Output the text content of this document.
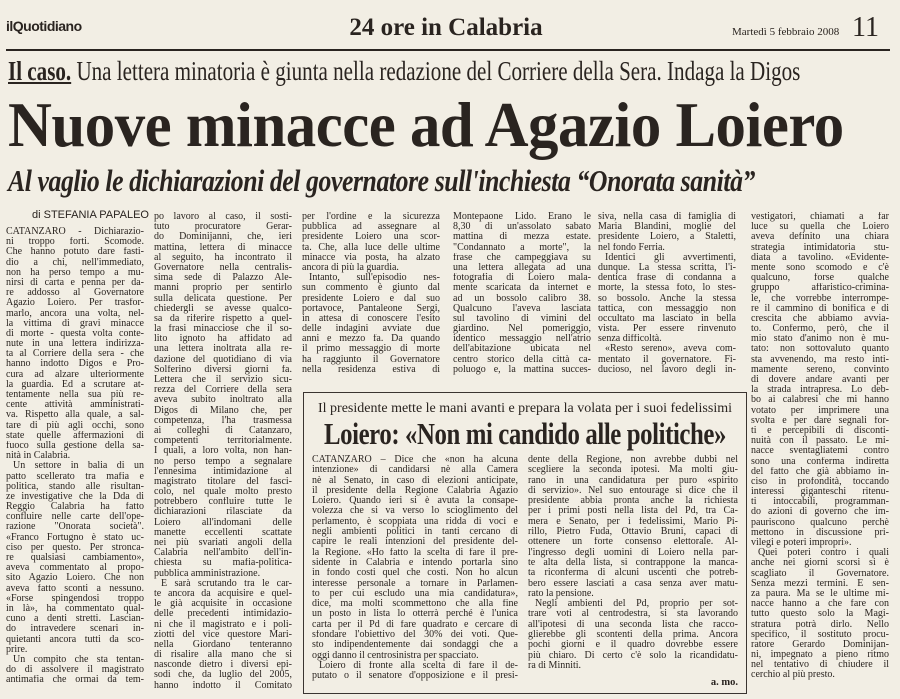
ilQuotidiano	24 ore in Calabria	Martedì 5 febbraio 2008 11
Il caso. Una lettera minatoria è giunta nella redazione del Corriere della Sera. Indaga la Digos
Nuove minacce ad Agazio Loiero
Al vaglio le dichiarazioni del governatore sull'inchiesta “Onorata sanità”
di STEFANIA PAPALEO
CATANZARO - Dichiarazio-
ni troppo forti. Scomode.
Che hanno potuto dare fasti-
dio a chi, nell'immediato,
non ha perso tempo a mu-
nirsi di carta e penna per da-
re addosso al Governatore
Agazio Loiero. Per trasfor-
marlo, ancora una volta, nel-
la vittima di gravi minacce
di morte - questa volta conte-
nute in una lettera indirizza-
ta al Corriere della sera - che
hanno indotto Digos e Pro-
cura ad alzare ulteriormente
la guardia. Ed a scrutare at-
tentamente nella sua più re-
cente attività amministrati-
va. Rispetto alla quale, a sal-
tare di più agli occhi, sono
state quelle affermazioni di
fuoco sulla gestione della sa-
nità in Calabria.
Un settore in balia di un
patto scellerato tra mafia e
politica, stando alle risultan-
ze investigative che la Dda di
Reggio Calabria ha fatto
confluire nelle carte dell'ope-
razione "Onorata società".
«Franco Fortugno è stato uc-
ciso per questo. Per stronca-
re qualsiasi cambiamento»,
aveva commentato al propo-
sito Agazio Loiero. Che non
aveva fatto sconti a nessuno.
«Forse spingendosi troppo
in là», ha commentato qual-
cuno a denti stretti. Lascian-
do intravedere scenari in-
quietanti ancora tutti da sco-
prire.
Un compito che sta tentan-
do di assolvere il magistrato
antimafia che ormai da tem-
po lavoro al caso, il sosti-
tuto procuratore Gerar-
do Dominijanni, che, ieri
mattina, lettera di minacce
al seguito, ha incontrato il
Governatore nella centralis-
sima sede di Palazzo Ale-
manni proprio per sentirlo
sulla delicata questione. Per
chiedergli se avesse qualco-
sa da riferire rispetto a quel-
la frasi minacciose che il so-
lito ignoto ha affidato ad
una lettera inoltrata alla re-
dazione del quotidiano di via
Solferino diversi giorni fa.
Lettera che il servizio sicu-
rezza del Corriere della sera
aveva subito inoltrato alla
Digos di Milano che, per
competenza, l'ha trasmessa
ai colleghi di Catanzaro,
competenti territorialmente.
I quali, a loro volta, non han-
no perso tempo a segnalare
l'ennesima intimidazione al
magistrato titolare del fasci-
colo, nel quale molto presto
potrebbero confluire tutte le
dichiarazioni rilasciate da
Loiero all'indomani delle
manette eccellenti scattate
nei più svariati angoli della
Calabria nell'ambito dell'in-
chiesta su mafia-politica-
pubblica amministrazione.
E sarà scrutando tra le car-
te ancora da acquisire e quel-
le già acquisite in occasione
delle precedenti intimidazio-
ni che il magistrato e i poli-
ziotti del vice questore Mari-
nella Giordano tenteranno
di risalire alla mano che si
nasconde dietro i diversi epi-
sodi che, da luglio del 2005,
hanno indotto il Comitato
per l'ordine e la sicurezza
pubblica ad assegnare al
presidente Loiero una scor-
ta. Che, alla luce delle ultime
minacce via posta, ha alzato
ancora di più la guardia.
Intanto, sull'episodio nes-
sun commento è giunto dal
presidente Loiero e dal suo
portavoce, Pantaleone Sergi,
in attesa di conoscere l'esito
delle indagini avviate due
anni e mezzo fa. Da quando
il primo messaggio di morte
ha raggiunto il Governatore
nella residenza estiva di
Montepaone Lido. Erano le
8,30 di un'assolato sabato
mattina di mezza estate.
"Condannato a morte", la
frase che campeggiava su
una lettera allegata ad una
fotografia di Loiero mala-
mente scaricata da internet e
ad un bossolo calibro 38.
Qualcuno l'aveva lasciata
sul tavolino di vimini del
giardino. Nel pomeriggio,
identico messaggio nell'atrio
dell'abitazione ubicata nel
centro storico della città ca-
poluogo e, la mattina succes-
siva, nella casa di famiglia di
Maria Blandini, moglie del
presidente Loiero, a Staletti,
nel fondo Ferria.
Identici gli avvertimenti,
dunque. La stessa scritta, l'i-
dentica frase di condanna a
morte, la stessa foto, lo stes-
so bossolo. Anche la stessa
tattica, con messaggio non
occultato ma lasciato in bella
vista. Per essere rinvenuto
senza difficoltà.
«Resto sereno», aveva com-
mentato il governatore. Fi-
ducioso, nel lavoro degli in-
vestigatori, chiamati a far
luce su quella che Loiero
aveva definito una chiara
strategia intimidatoria stu-
diata a tavolino. «Evidente-
mente sono scomodo e c'è
qualcuno, forse qualche
gruppo affaristico-crimina-
le, che vorrebbe interrompe-
re il cammino di bonifica e di
crescita che abbiamo avvia-
to. Confermo, però, che il
mio stato d'animo non è mu-
tato: non sottovaluto quanto
sta avvenendo, ma resto inti-
mamente sereno, convinto
di dovere andare avanti per
la strada intrapresa. Lo deb-
bo ai calabresi che mi hanno
votato per imprimere una
svolta e per dare segnali for-
ti e percepibili di disconti-
nuità con il passato. Le mi-
nacce sventagliatemi contro
sono una conferma indiretta
del fatto che già abbiamo in-
ciso in profondità, toccando
interessi giganteschi ritenu-
ti intoccabili, programman-
do azioni di governo che im-
pauriscono qualcuno perchè
mettono in discussione pri-
vilegi e poteri impropri».
Quei poteri contro i quali
anche nei giorni scorsi si è
scagliato il Governatore.
Senza mezzi termini. E sen-
za paura. Ma se le ultime mi-
nacce hanno a che fare con
tutto questo solo la Magi-
stratura potrà dirlo. Nello
specifico, il sostituto procu-
ratore Gerardo Dominijan-
ni, impegnato a pieno ritmo
nel tentativo di chiudere il
cerchio al più presto.
Il presidente mette le mani avanti e prepara la volata per i suoi fedelissimi
Loiero: «Non mi candido alle politiche»
CATANZARO – Dice che «non ha alcuna
intenzione» di candidarsi nè alla Camera
nè al Senato, in caso di elezioni anticipate,
il presidente della Regione Calabria Agazio
Loiero. Quando ieri si è avuta la consape-
volezza che si va verso lo scioglimento del
perlamento, è scoppiata una ridda di voci e
negli ambienti politici in tanti cercano di
capire le reali intenzioni del presidente del-
la Regione. «Ho fatto la scelta di fare il pre-
sidente in Calabria e intendo portarla sino
in fondo costi quel che costi. Non ho alcun
interesse personale a tornare in Parlamen-
to per cui escludo una mia candidatura»,
dice, ma molti scommettono che alla fine
un posto in lista lo otterrà perché è l'unica
carta per il Pd di fare quadrato e cercare di
sfondare l'obiettivo del 30% dei voti. Que-
sto indipendentemente dai sondaggi che a
oggi danno il centrosinistra per spacciato.
Loiero di fronte alla scelta di fare il de-
putato o il senatore d'opposizione e il presi-
dente della Regione, non avrebbe dubbi nel
scegliere la seconda ipotesi. Ma molti giu-
rano in una candidatura per puro «spirito
di servizio». Nel suo entourage si dice che il
presidente abbia pronta anche la richiesta
per i primi posti nella lista del Pd, tra Ca-
mera e Senato, per i fedelissimi, Mario Pi-
rillo, Pietro Fuda, Ottavio Bruni, capaci di
ottenere un forte consenso elettorale. Al-
l'ingresso degli uomini di Loiero nella par-
te alta della lista, si contrappone la manca-
ta riconferma di alcuni uscenti che potreb-
bero essere lasciati a casa senza aver matu-
rato la pensione.
Negli ambienti del Pd, proprio per sot-
trare voti al centrodestra, si sta lavorando
all'ipotesi di una seconda lista che racco-
glierebbe gli scontenti della prima. Ancora
pochi giorni e il quadro dovrebbe essere
più chiaro. Di certo c'è solo la ricandidatu-
ra di Minniti.
a. mo.
